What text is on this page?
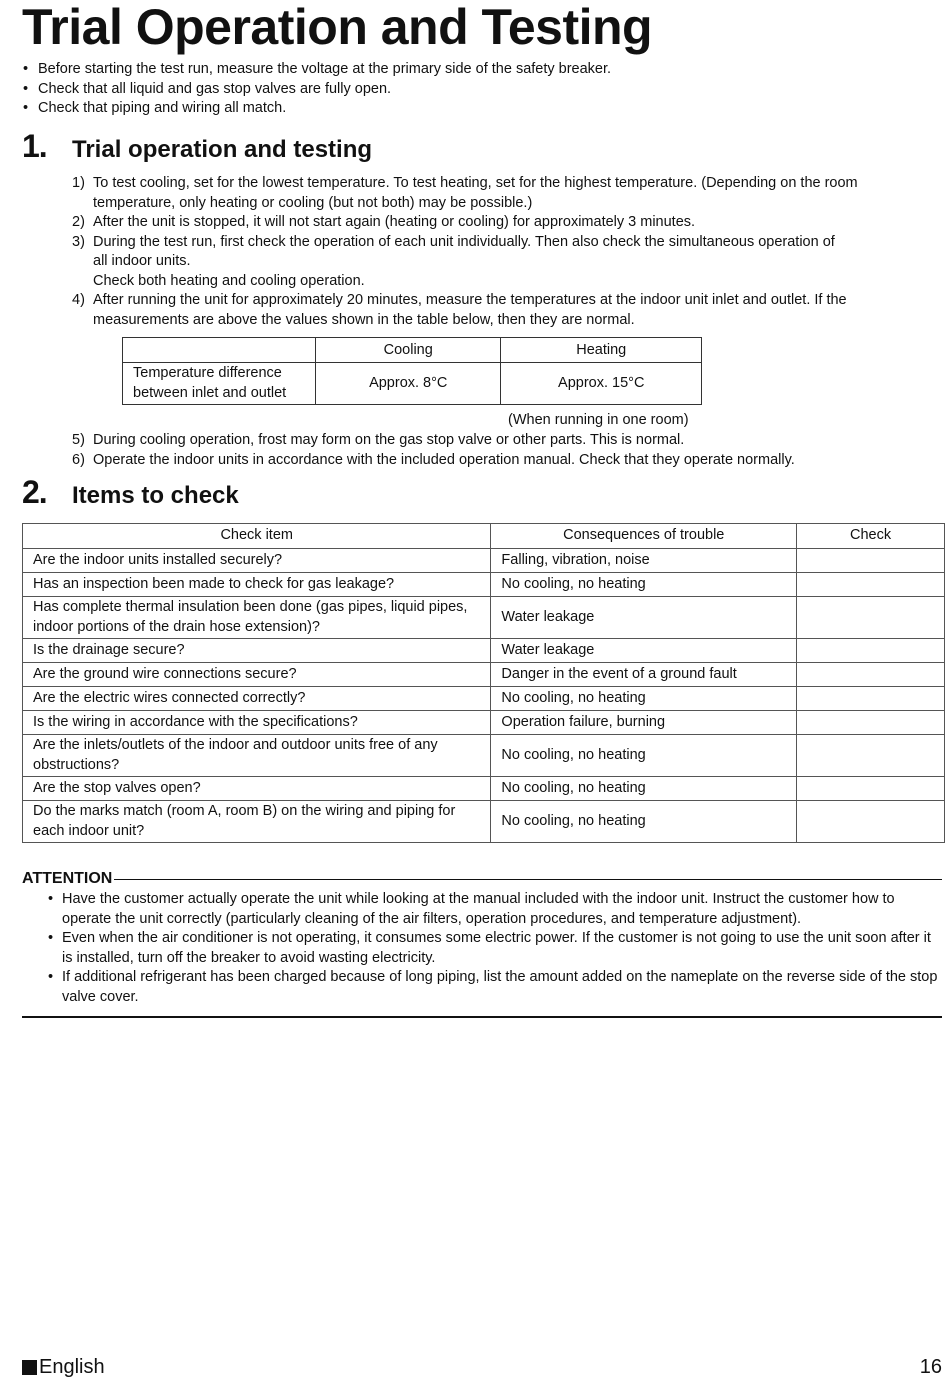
Trial Operation and Testing
• Before starting the test run, measure the voltage at the primary side of the safety breaker.
• Check that all liquid and gas stop valves are fully open.
• Check that piping and wiring all match.
1. Trial operation and testing
1) To test cooling, set for the lowest temperature. To test heating, set for the highest temperature. (Depending on the room
temperature, only heating or cooling (but not both) may be possible.)
2) After the unit is stopped, it will not start again (heating or cooling) for approximately 3 minutes.
3) During the test run, first check the operation of each unit individually. Then also check the simultaneous operation of
all indoor units.
Check both heating and cooling operation.
4) After running the unit for approximately 20 minutes, measure the temperatures at the indoor unit inlet and outlet. If the
measurements are above the values shown in the table below, then they are normal.
	Cooling	Heating

Temperature difference
between inlet and outlet	Approx. 8°C	Approx. 15°C
(When running in one room)
5) During cooling operation, frost may form on the gas stop valve or other parts. This is normal.
6) Operate the indoor units in accordance with the included operation manual. Check that they operate normally.
2. Items to check
Check item	Consequences of trouble	Check
Are the indoor units installed securely?	Falling, vibration, noise	
Has an inspection been made to check for gas leakage?	No cooling, no heating	
Has complete thermal insulation been done (gas pipes, liquid pipes, indoor portions of the drain hose extension)?	Water leakage	
Is the drainage secure?	Water leakage	
Are the ground wire connections secure?	Danger in the event of a ground fault	
Are the electric wires connected correctly?	No cooling, no heating	
Is the wiring in accordance with the specifications?	Operation failure, burning	
Are the inlets/outlets of the indoor and outdoor units free of any obstructions?	No cooling, no heating	
Are the stop valves open?	No cooling, no heating	
Do the marks match (room A, room B) on the wiring and piping for each indoor unit?	No cooling, no heating	
ATTENTION
• Have the customer actually operate the unit while looking at the manual included with the indoor unit. Instruct the customer how to operate the unit correctly (particularly cleaning of the air filters, operation procedures, and temperature adjustment).
• Even when the air conditioner is not operating, it consumes some electric power. If the customer is not going to use the unit soon after it is installed, turn off the breaker to avoid wasting electricity.
• If additional refrigerant has been charged because of long piping, list the amount added on the nameplate on the reverse side of the stop valve cover.
English	16
